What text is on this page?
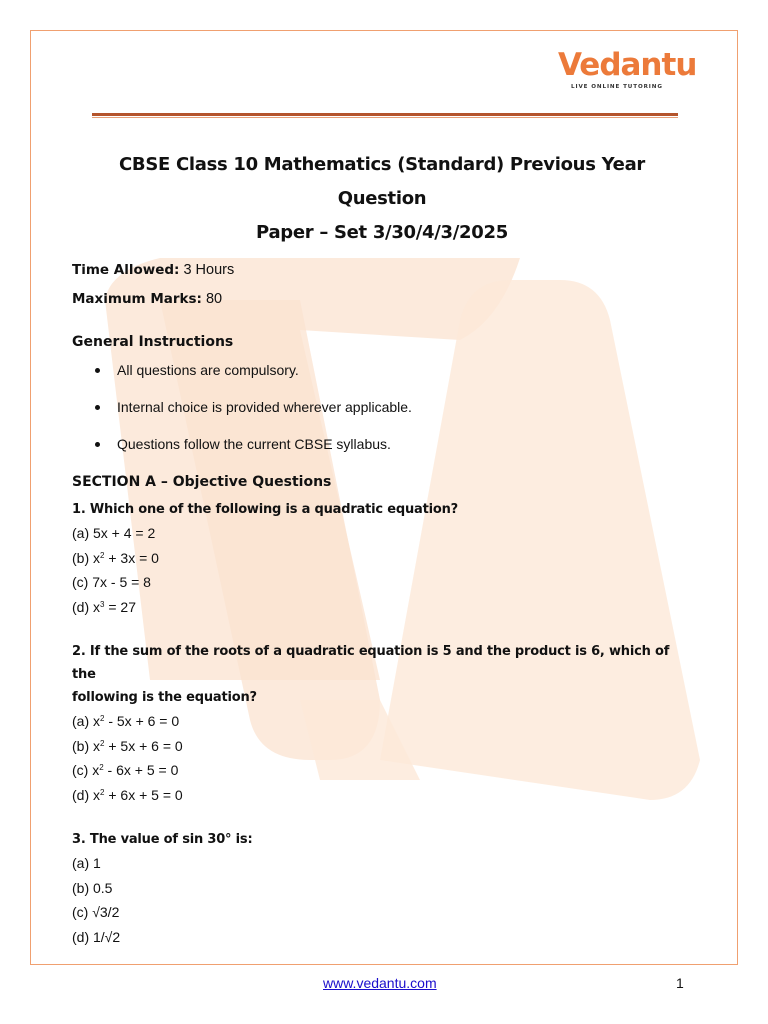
Vedantu
LIVE ONLINE TUTORING
CBSE Class 10 Mathematics (Standard) Previous Year Question
Paper – Set 3/30/4/3/2025
Time Allowed: 3 Hours
Maximum Marks: 80
General Instructions
All questions are compulsory.
Internal choice is provided wherever applicable.
Questions follow the current CBSE syllabus.
SECTION A – Objective Questions
1. Which one of the following is a quadratic equation?
(a) 5x + 4 = 2
(b) $x^2 + 3x = 0$
(c) 7x - 5 = 8
(d) $x^3 = 27$
2. If the sum of the roots of a quadratic equation is 5 and the product is 6, which of the
following is the equation?
(a) $x^2 - 5x + 6 = 0$
(b) $x^2 + 5x + 6 = 0$
(c) $x^2 - 6x + 5 = 0$
(d) $x^2 + 6x + 5 = 0$
3. The value of sin 30° is:
(a) 1
(b) 0.5
(c) √3/2
(d) 1/√2
www.vedantu.com	1
